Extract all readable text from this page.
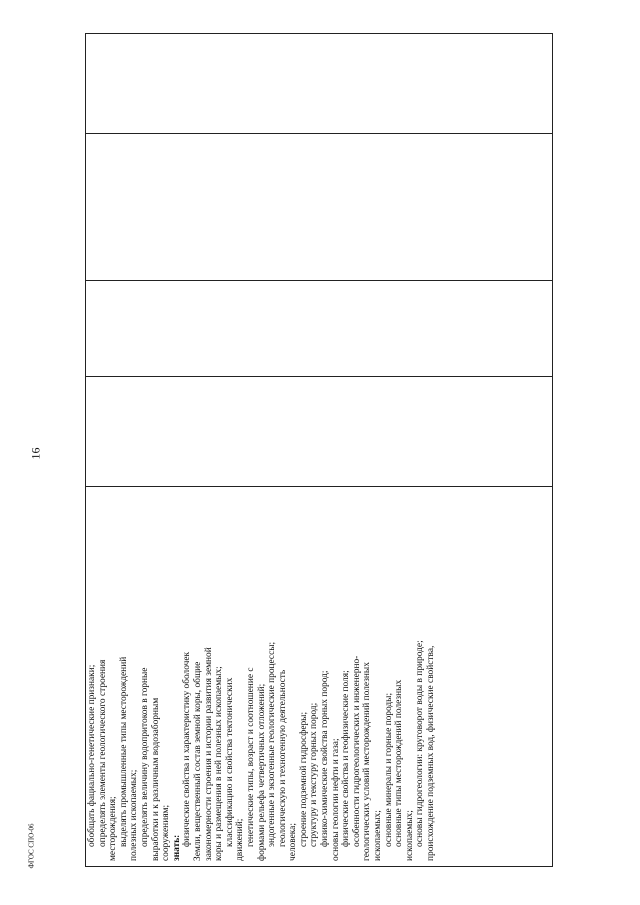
16
ФГОС СПО-06	обобщать фациально-генетические признаки; определять элементы геологического строения месторождения; выделять промышленные типы месторождений полезных ископаемых; определять величину водопритоков в горные выработки и к различным водозаборным сооружениям; знать:
физические свойства и характеристику оболочек Земли, вещественный состав земной коры, общие закономерности строения и истории развития земной коры и размещения в ней полезных ископаемых; классификацию и свойства тектонических движений; генетические типы, возраст и соотношение с формами рельефа четвертичных отложений; эндогенные и экзогенные геологические процессы; геологическую и техногенную деятельность человека; строение подземной гидросферы; структуру и текстуру горных пород; физико-химические свойства горных пород; основы геологии нефти и газа; физические свойства и геофизические поля; особенности гидрогеологических и инженерно- геологических условий месторождений полезных ископаемых; основные минералы и горные породы; основные типы месторождений полезных ископаемых; основы гидрогеологии: круговорот воды в природе; происхождение подземных вод, физические свойства,
